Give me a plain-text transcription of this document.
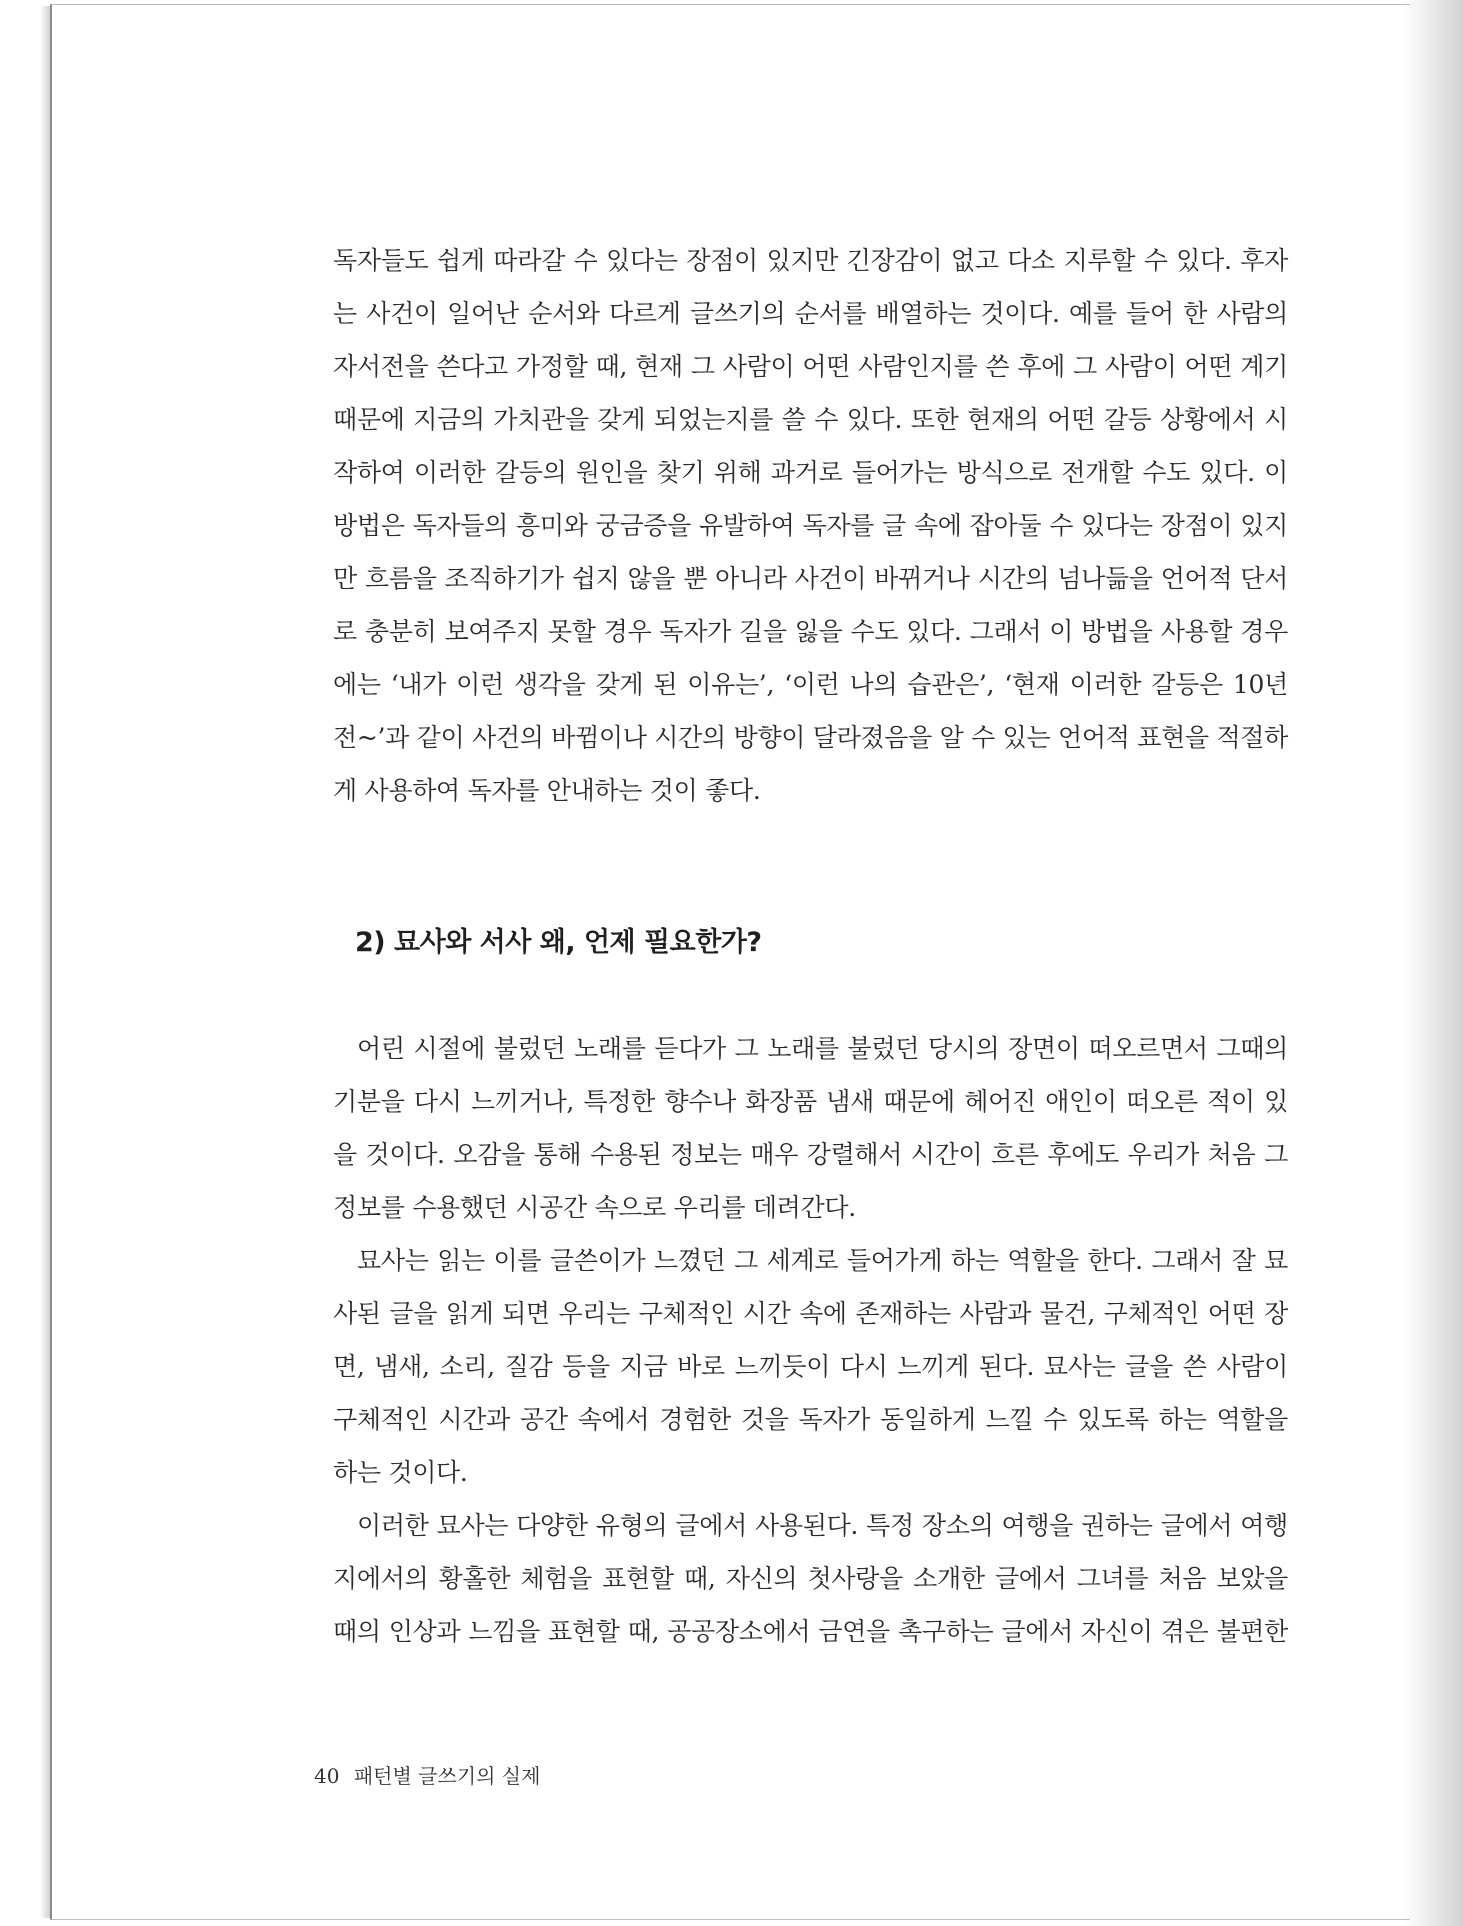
독자들도 쉽게 따라갈 수 있다는 장점이 있지만 긴장감이 없고 다소 지루할 수 있다. 후자
는 사건이 일어난 순서와 다르게 글쓰기의 순서를 배열하는 것이다. 예를 들어 한 사람의
자서전을 쓴다고 가정할 때, 현재 그 사람이 어떤 사람인지를 쓴 후에 그 사람이 어떤 계기
때문에 지금의 가치관을 갖게 되었는지를 쓸 수 있다. 또한 현재의 어떤 갈등 상황에서 시
작하여 이러한 갈등의 원인을 찾기 위해 과거로 들어가는 방식으로 전개할 수도 있다. 이
방법은 독자들의 흥미와 궁금증을 유발하여 독자를 글 속에 잡아둘 수 있다는 장점이 있지
만 흐름을 조직하기가 쉽지 않을 뿐 아니라 사건이 바뀌거나 시간의 넘나듦을 언어적 단서
로 충분히 보여주지 못할 경우 독자가 길을 잃을 수도 있다. 그래서 이 방법을 사용할 경우
에는 ‘내가 이런 생각을 갖게 된 이유는’, ‘이런 나의 습관은’, ‘현재 이러한 갈등은 10년
전~’과 같이 사건의 바뀜이나 시간의 방향이 달라졌음을 알 수 있는 언어적 표현을 적절하
게 사용하여 독자를 안내하는 것이 좋다.
2) 묘사와 서사 왜, 언제 필요한가?
어린 시절에 불렀던 노래를 듣다가 그 노래를 불렀던 당시의 장면이 떠오르면서 그때의
기분을 다시 느끼거나, 특정한 향수나 화장품 냄새 때문에 헤어진 애인이 떠오른 적이 있
을 것이다. 오감을 통해 수용된 정보는 매우 강렬해서 시간이 흐른 후에도 우리가 처음 그
정보를 수용했던 시공간 속으로 우리를 데려간다.
묘사는 읽는 이를 글쓴이가 느꼈던 그 세계로 들어가게 하는 역할을 한다. 그래서 잘 묘
사된 글을 읽게 되면 우리는 구체적인 시간 속에 존재하는 사람과 물건, 구체적인 어떤 장
면, 냄새, 소리, 질감 등을 지금 바로 느끼듯이 다시 느끼게 된다. 묘사는 글을 쓴 사람이
구체적인 시간과 공간 속에서 경험한 것을 독자가 동일하게 느낄 수 있도록 하는 역할을
하는 것이다.
이러한 묘사는 다양한 유형의 글에서 사용된다. 특정 장소의 여행을 권하는 글에서 여행
지에서의 황홀한 체험을 표현할 때, 자신의 첫사랑을 소개한 글에서 그녀를 처음 보았을
때의 인상과 느낌을 표현할 때, 공공장소에서 금연을 촉구하는 글에서 자신이 겪은 불편한
40 패턴별 글쓰기의 실제
